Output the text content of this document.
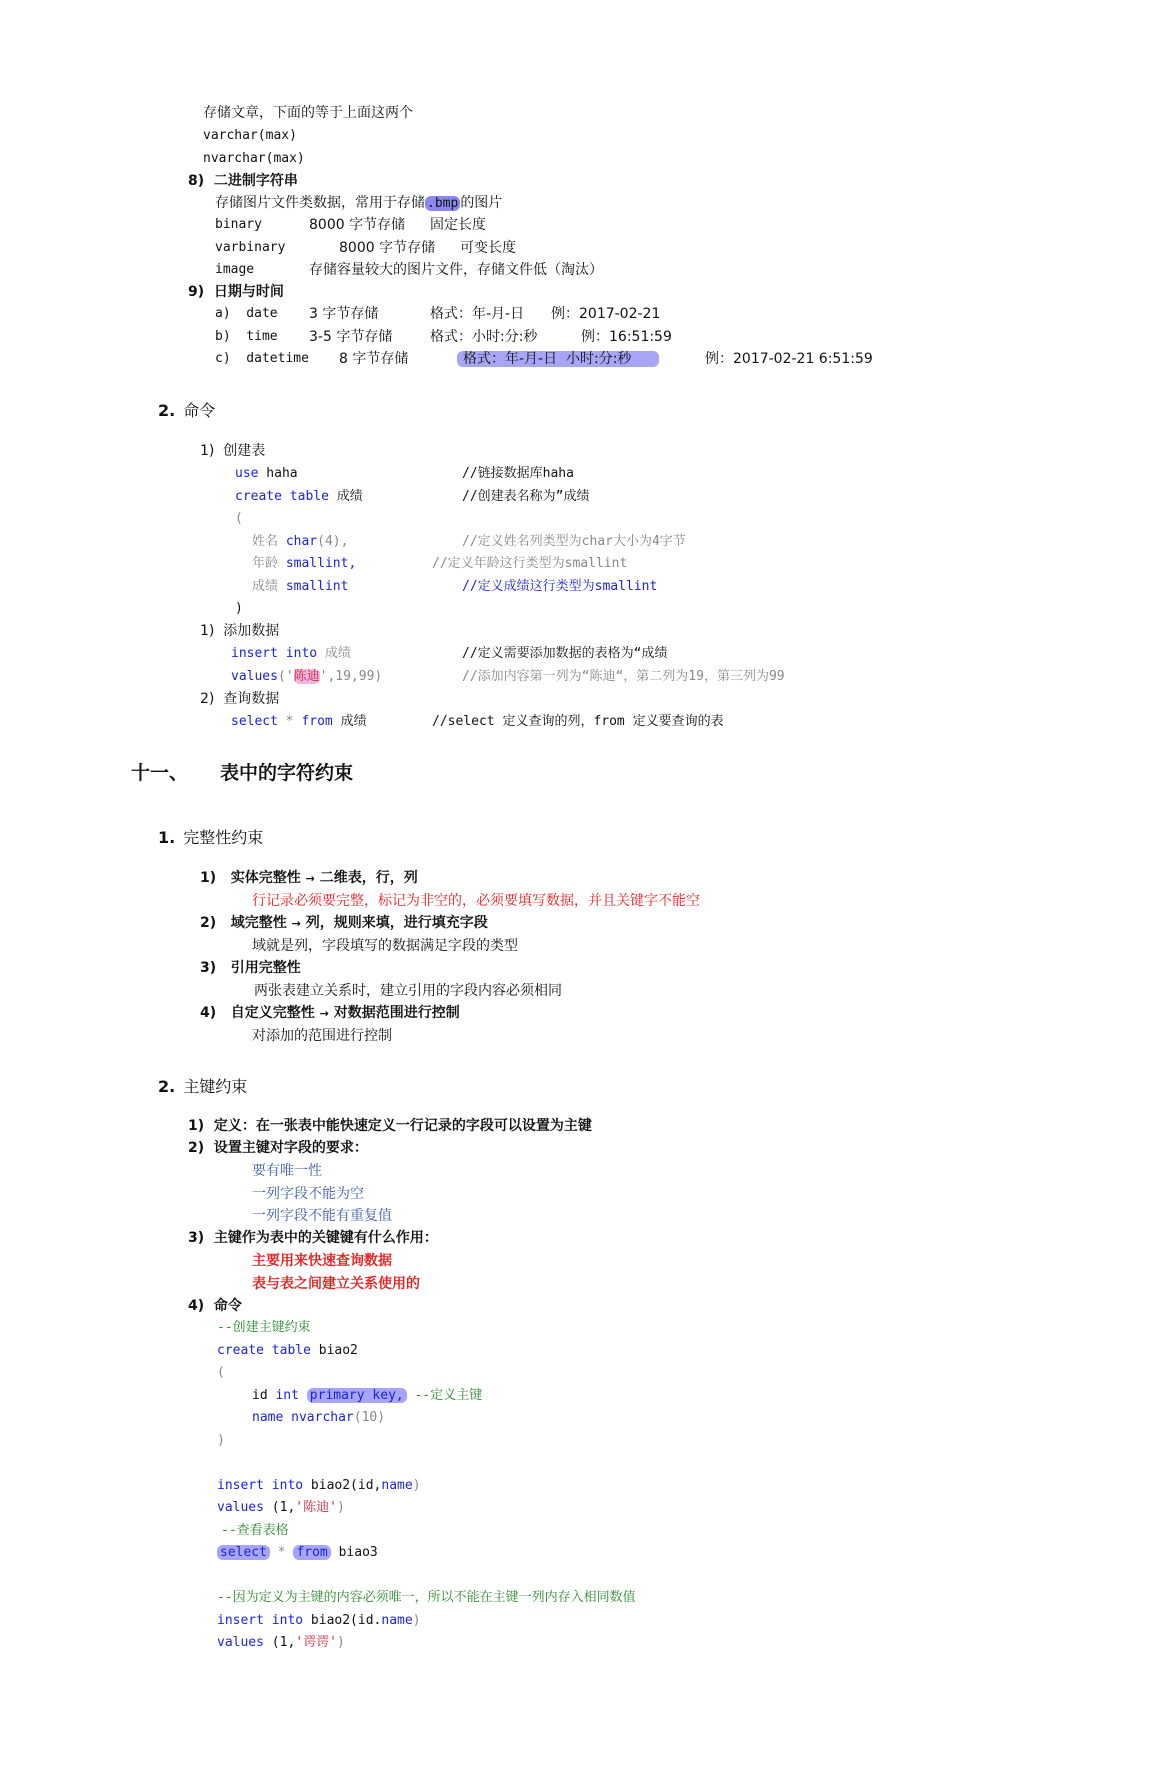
存储文章，下面的等于上面这两个
varchar(max)
nvarchar(max)
8)  二进制字符串
存储图片文件类数据，常用于存储 .bmp 的图片
binary	8000 字节存储 固定长度
varbinary	8000 字节存储 可变长度
image	存储容量较大的图片文件，存储文件低（淘汰）
9)  日期与时间
a)  date 3 字节存储	格式：年-月-日 例：2017-02-21
b)  time 3-5 字节存储	格式：小时:分:秒	例：16:51:59
c)  datetime 8 字节存储	格式：年-月-日  小时:分:秒	例：2017-02-21 6:51:59
2. 命令
1)  创建表
use haha	//链接数据库haha
create table 成绩	//创建表名称为”成绩
(
姓名 char(4),	//定义姓名列类型为char大小为4字节
年龄 smallint,	//定义年龄这行类型为smallint
成绩 smallint	//定义成绩这行类型为smallint
)
1)  添加数据
insert into 成绩	//定义需要添加数据的表格为“成绩
values('陈迪',19,99)	//添加内容第一列为“陈迪“，第二列为19，第三列为99
2)  查询数据
select * from 成绩	//select 定义查询的列，from 定义要查询的表
十一、 表中的字符约束
1. 完整性约束
1)   实体完整性 → 二维表，行，列
行记录必须要完整，标记为非空的，必须要填写数据，并且关键字不能空
2)   域完整性 → 列，规则来填，进行填充字段
域就是列，字段填写的数据满足字段的类型
3)   引用完整性
两张表建立关系时，建立引用的字段内容必须相同
4)   自定义完整性 → 对数据范围进行控制
对添加的范围进行控制
2. 主键约束
1)  定义：在一张表中能快速定义一行记录的字段可以设置为主键
2)  设置主键对字段的要求：
要有唯一性
一列字段不能为空
一列字段不能有重复值
3)  主键作为表中的关键键有什么作用：
主要用来快速查询数据
表与表之间建立关系使用的
4)  命令
--创建主键约束
create table biao2
(
id int primary key, --定义主键
name nvarchar(10)
)
insert into biao2(id,name)
values (1,'陈迪')
--查看表格
select * from biao3
--因为定义为主键的内容必须唯一，所以不能在主键一列内存入相同数值
insert into biao2(id.name)
values (1,'谔谔')
